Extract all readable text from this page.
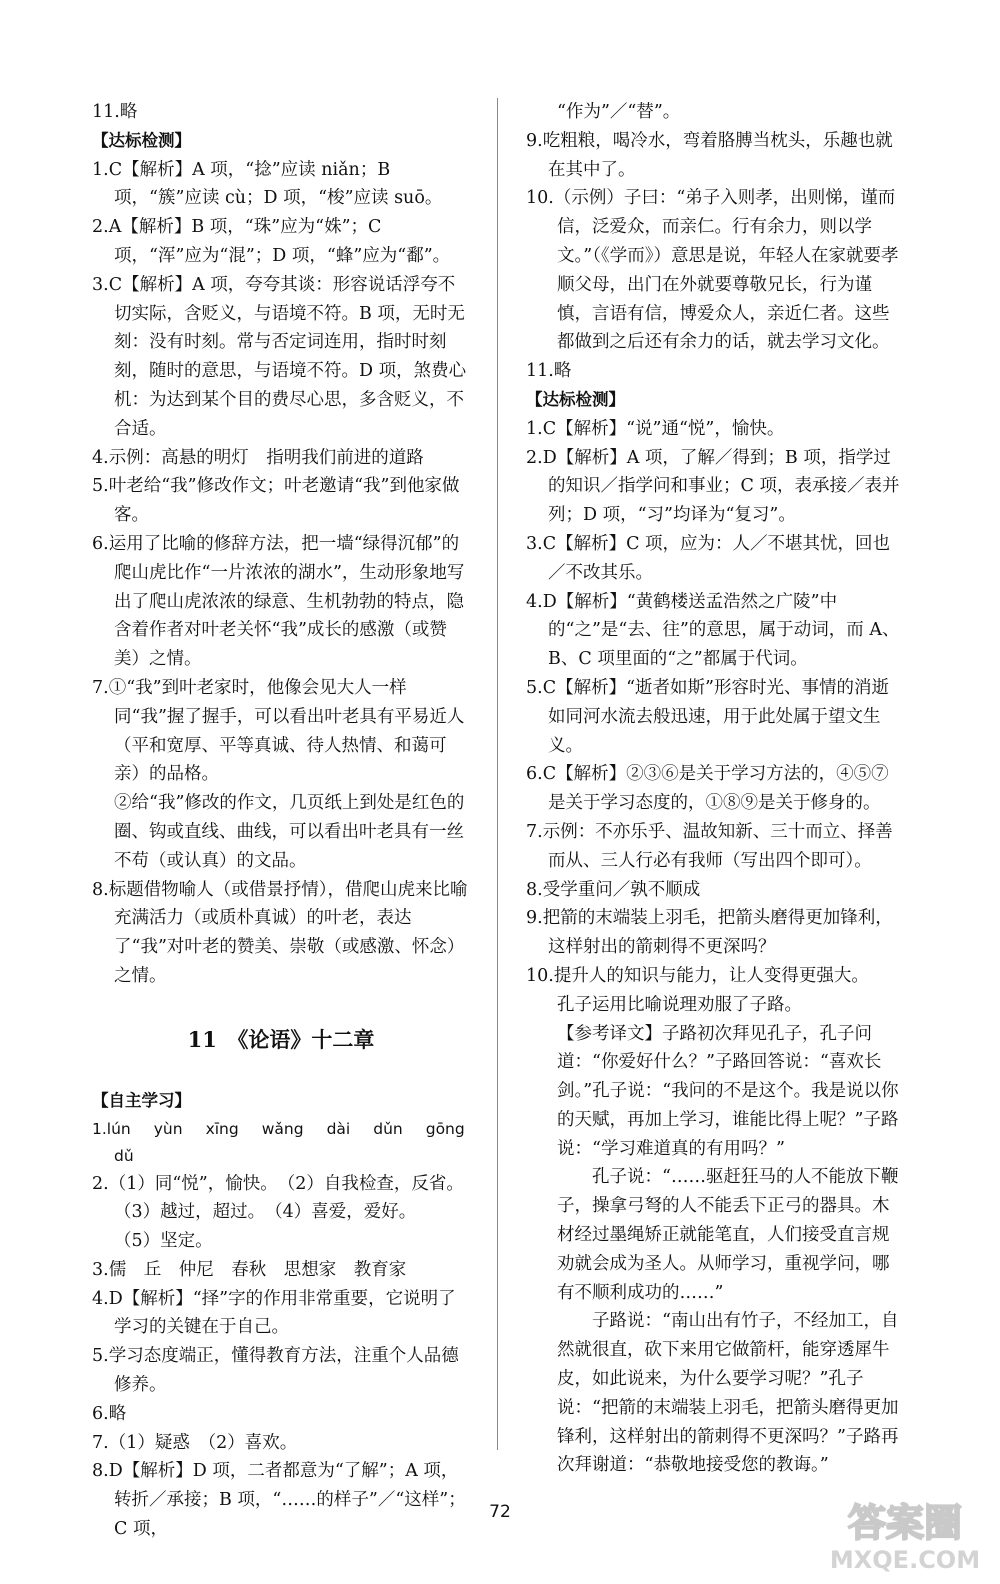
11.略

【达标检测】

1.C【解析】A 项，“捻”应读 niǎn；B 项，“簇”应读 cù；D 项，“梭”应读 suō。

2.A【解析】B 项，“珠”应为“姝”；C 项，“浑”应为“混”；D 项，“蜂”应为“鄱”。

3.C【解析】A 项，夸夸其谈：形容说话浮夸不切实际，含贬义，与语境不符。B 项，无时无刻：没有时刻。常与否定词连用，指时时刻刻，随时的意思，与语境不符。D 项，煞费心机：为达到某个目的费尽心思，多含贬义，不合适。

4.示例：高悬的明灯　指明我们前进的道路

5.叶老给“我”修改作文；叶老邀请“我”到他家做客。

6.运用了比喻的修辞方法，把一墙“绿得沉郁”的爬山虎比作“一片浓浓的湖水”，生动形象地写出了爬山虎浓浓的绿意、生机勃勃的特点，隐含着作者对叶老关怀“我”成长的感激（或赞美）之情。

7.①“我”到叶老家时，他像会见大人一样同“我”握了握手，可以看出叶老具有平易近人（平和宽厚、平等真诚、待人热情、和蔼可亲）的品格。

②给“我”修改的作文，几页纸上到处是红色的圈、钩或直线、曲线，可以看出叶老具有一丝不苟（或认真）的文品。

8.标题借物喻人（或借景抒情），借爬山虎来比喻充满活力（或质朴真诚）的叶老，表达了“我”对叶老的赞美、崇敬（或感激、怀念）之情。

11　《论语》十二章

【自主学习】

1.lún yùn xīng wǎng dài dǔn gōng

dǔ

2.（1）同“悦”，愉快。　（2）自我检查，反省。

（3）越过，超过。　（4）喜爱，爱好。

（5）坚定。

3.儒　丘　仲尼　春秋　思想家　教育家

4.D【解析】“择”字的作用非常重要，它说明了学习的关键在于自己。

5.学习态度端正，懂得教育方法，注重个人品德修养。

6.略

7.（1）疑惑　（2）喜欢。

8.D【解析】D 项，二者都意为“了解”；A 项，转折／承接；B 项，“……的样子”／“这样”；C 项，

“作为”／“替”。

9.吃粗粮，喝冷水，弯着胳膊当枕头，乐趣也就在其中了。

10.（示例）子曰：“弟子入则孝，出则悌，谨而信，泛爱众，而亲仁。行有余力，则以学文。”（《学而》）意思是说，年轻人在家就要孝顺父母，出门在外就要尊敬兄长，行为谨慎，言语有信，博爱众人，亲近仁者。这些都做到之后还有余力的话，就去学习文化。

11.略

【达标检测】

1.C【解析】“说”通“悦”，愉快。

2.D【解析】A 项，了解／得到；B 项，指学过的知识／指学问和事业；C 项，表承接／表并列；D 项，“习”均译为“复习”。

3.C【解析】C 项，应为：人／不堪其忧，回也／不改其乐。

4.D【解析】“黄鹤楼送孟浩然之广陵”中的“之”是“去、往”的意思，属于动词，而 A、B、C 项里面的“之”都属于代词。

5.C【解析】“逝者如斯”形容时光、事情的消逝如同河水流去般迅速，用于此处属于望文生义。

6.C【解析】②③⑥是关于学习方法的，④⑤⑦是关于学习态度的，①⑧⑨是关于修身的。

7.示例：不亦乐乎、温故知新、三十而立、择善而从、三人行必有我师（写出四个即可）。

8.受学重问／孰不顺成

9.把箭的末端装上羽毛，把箭头磨得更加锋利，这样射出的箭刺得不更深吗？

10.提升人的知识与能力，让人变得更强大。

孔子运用比喻说理劝服了子路。

【参考译文】子路初次拜见孔子，孔子问道：“你爱好什么？”子路回答说：“喜欢长剑。”孔子说：“我问的不是这个。我是说以你的天赋，再加上学习，谁能比得上呢？”子路说：“学习难道真的有用吗？”

孔子说：“……驱赶狂马的人不能放下鞭子，操拿弓弩的人不能丢下正弓的器具。木材经过墨绳矫正就能笔直，人们接受直言规劝就会成为圣人。从师学习，重视学问，哪有不顺利成功的……”

子路说：“南山出有竹子，不经加工，自然就很直，砍下来用它做箭杆，能穿透犀牛皮，如此说来，为什么要学习呢？”孔子说：“把箭的末端装上羽毛，把箭头磨得更加锋利，这样射出的箭刺得不更深吗？”子路再次拜谢道：“恭敬地接受您的教诲。”

72	答案圈
MXQE.COM
